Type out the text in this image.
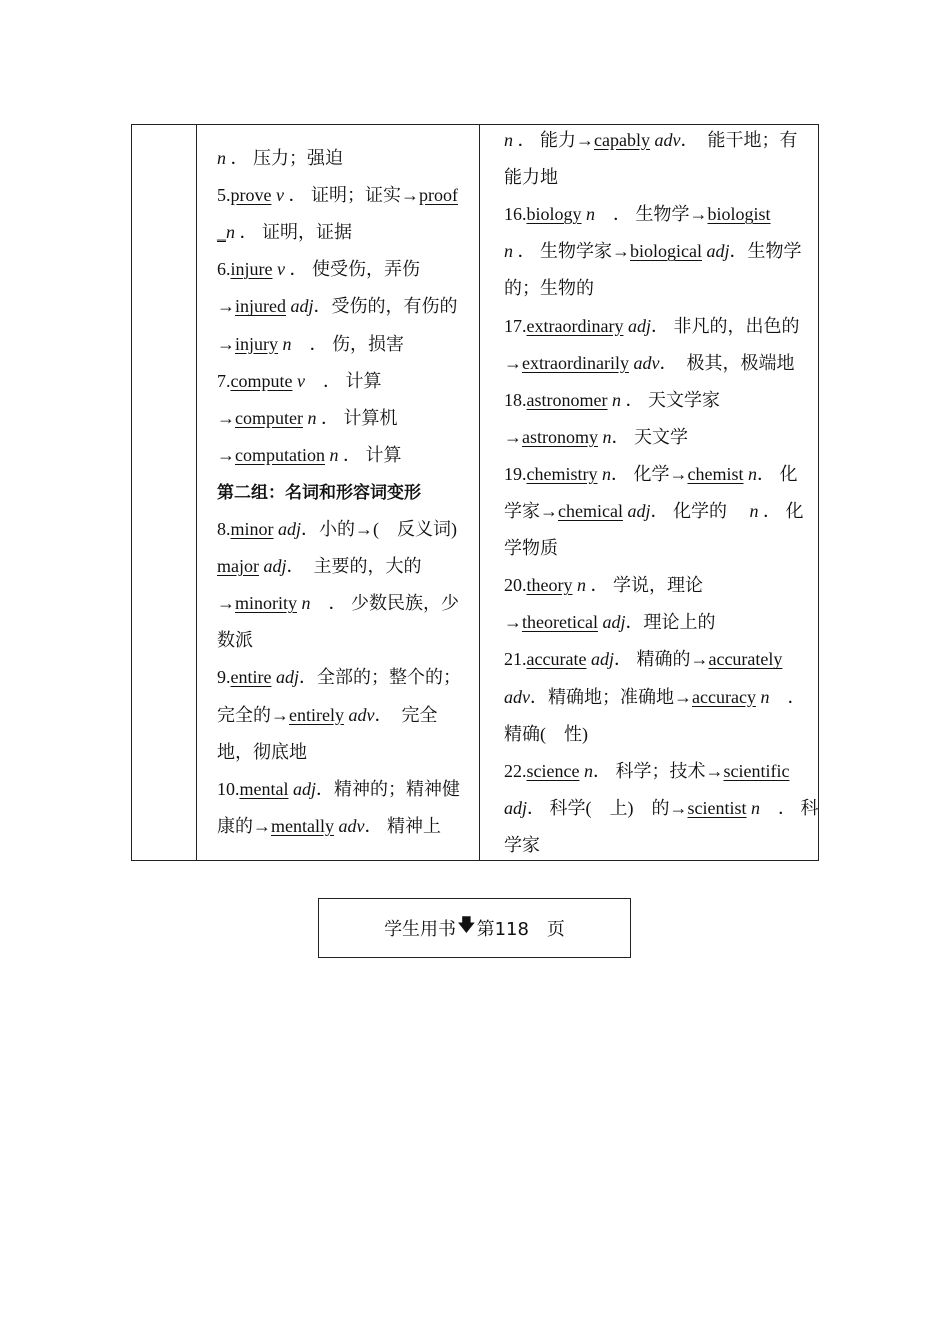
n ． 压力；强迫
5.prove v ． 证明；证实→proof
_n ． 证明，证据
6.injure v ． 使受伤，弄伤
→injured adj．受伤的，有伤的
→injury n　． 伤，损害
7.compute v　． 计算
→computer n ． 计算机
→computation n ． 计算
第二组：名词和形容词变形
8.minor adj．小的→(　反义词)
major adj．　主要的，大的
→minority n　． 少数民族，少
数派
9.entire adj．全部的；整个的；
完全的→entirely adv．　完全
地，彻底地
10.mental adj．精神的；精神健
康的→mentally adv． 精神上
n ． 能力→capably adv．　能干地；有
能力地
16.biology n　． 生物学→biologist
n ． 生物学家→biological adj．生物学
的；生物的
17.extraordinary adj． 非凡的，出色的
→extraordinarily adv．　极其，极端地
18.astronomer n ． 天文学家
→astronomy n． 天文学
19.chemistry n． 化学→chemist n． 化
学家→chemical adj． 化学的　 n ． 化
学物质
20.theory n ． 学说，理论
→theoretical adj．理论上的
21.accurate adj． 精确的→accurately
adv．精确地；准确地→accuracy n　．
精确(　性)
22.science n． 科学；技术→scientific
adj． 科学(　上)　的→scientist n　． 科
学家
学生用书 🡇 第118　页
